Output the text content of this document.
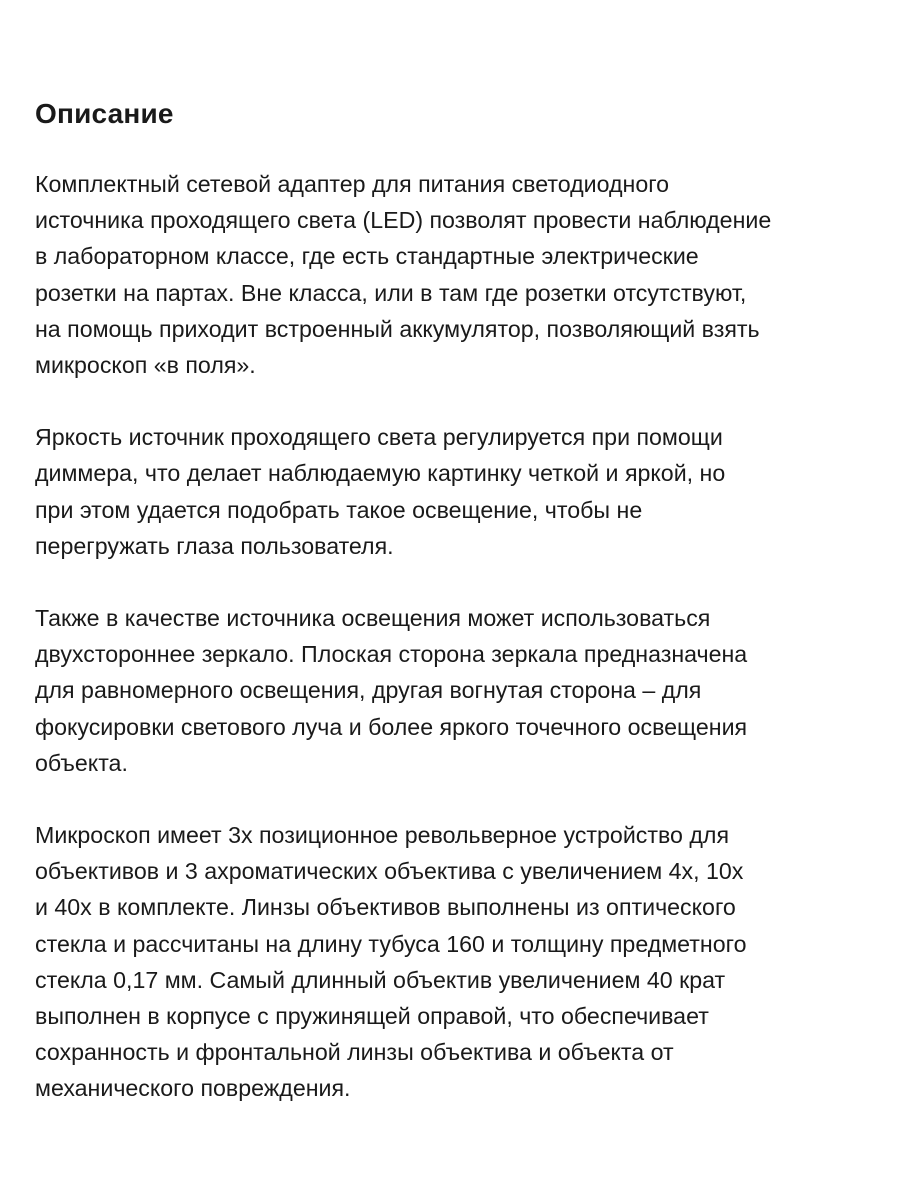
Описание
Комплектный сетевой адаптер для питания светодиодного
источника проходящего света (LED) позволят провести наблюдение
в лабораторном классе, где есть стандартные электрические
розетки на партах. Вне класса, или в там где розетки отсутствуют,
на помощь приходит встроенный аккумулятор, позволяющий взять
микроскоп «в поля».
Яркость источник проходящего света регулируется при помощи
диммера, что делает наблюдаемую картинку четкой и яркой, но
при этом удается подобрать такое освещение, чтобы не
перегружать глаза пользователя.
Также в качестве источника освещения может использоваться
двухстороннее зеркало. Плоская сторона зеркала предназначена
для равномерного освещения, другая вогнутая сторона – для
фокусировки светового луча и более яркого точечного освещения
объекта.
Микроскоп имеет 3х позиционное револьверное устройство для
объективов и 3 ахроматических объектива с увеличением 4х, 10х
и 40х в комплекте. Линзы объективов выполнены из оптического
стекла и рассчитаны на длину тубуса 160 и толщину предметного
стекла 0,17 мм. Самый длинный объектив увеличением 40 крат
выполнен в корпусе с пружинящей оправой, что обеспечивает
сохранность и фронтальной линзы объектива и объекта от
механического повреждения.
